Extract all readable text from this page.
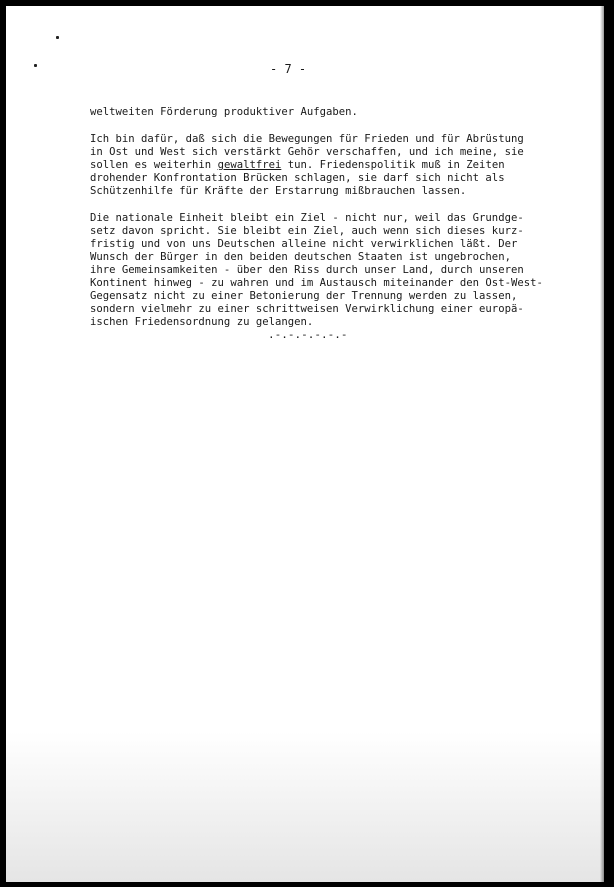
- 7 -

weltweiten Förderung produktiver Aufgaben.

Ich bin dafür, daß sich die Bewegungen für Frieden und für Abrüstung
in Ost und West sich verstärkt Gehör verschaffen, und ich meine, sie
sollen es weiterhin gewaltfrei tun. Friedenspolitik muß in Zeiten
drohender Konfrontation Brücken schlagen, sie darf sich nicht als
Schützenhilfe für Kräfte der Erstarrung mißbrauchen lassen.

Die nationale Einheit bleibt ein Ziel - nicht nur, weil das Grundge-
setz davon spricht. Sie bleibt ein Ziel, auch wenn sich dieses kurz-
fristig und von uns Deutschen alleine nicht verwirklichen läßt. Der
Wunsch der Bürger in den beiden deutschen Staaten ist ungebrochen,
ihre Gemeinsamkeiten - über den Riss durch unser Land, durch unseren
Kontinent hinweg - zu wahren und im Austausch miteinander den Ost-West-
Gegensatz nicht zu einer Betonierung der Trennung werden zu lassen,
sondern vielmehr zu einer schrittweisen Verwirklichung einer europä-
ischen Friedensordnung zu gelangen.

.-.-.-.-.-.-
